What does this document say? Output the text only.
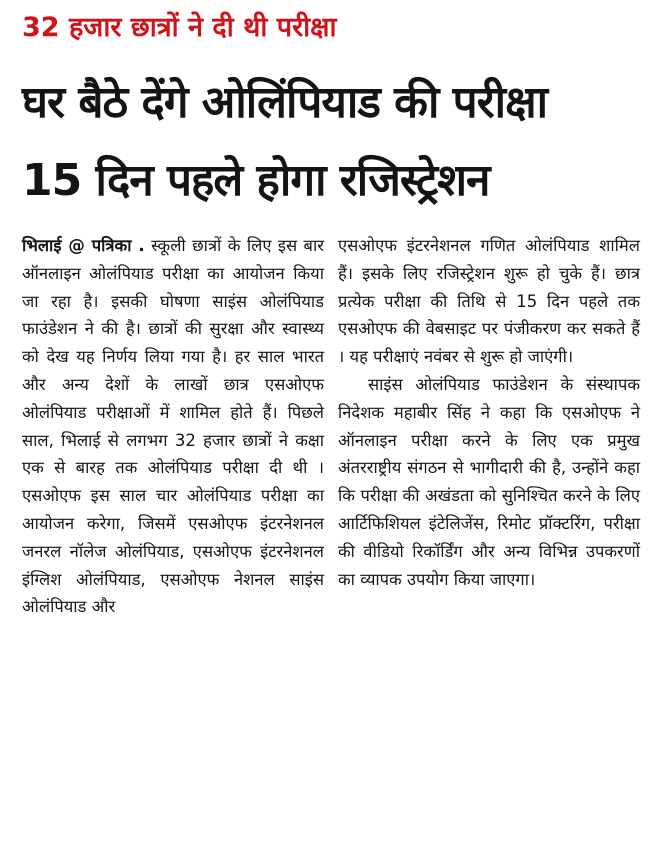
32 हजार छात्रों ने दी थी परीक्षा
घर बैठे देंगे ओलिंपियाड की परीक्षा
15 दिन पहले होगा रजिस्ट्रेशन

भिलाई @ पत्रिका . स्कूली छात्रों के लिए इस बार ऑनलाइन ओलंपियाड परीक्षा का आयोजन किया जा रहा है। इसकी घोषणा साइंस ओलंपियाड फाउंडेशन ने की है। छात्रों की सुरक्षा और स्वास्थ्य को देख यह निर्णय लिया गया है। हर साल भारत और अन्य देशों के लाखों छात्र एसओएफ ओलंपियाड परीक्षाओं में शामिल होते हैं। पिछले साल, भिलाई से लगभग 32 हजार छात्रों ने कक्षा एक से बारह तक ओलंपियाड परीक्षा दी थी ।एसओएफ इस साल चार ओलंपियाड परीक्षा का आयोजन करेगा, जिसमें एसओएफ इंटरनेशनल जनरल नॉलेज ओलंपियाड, एसओएफ इंटरनेशनल इंग्लिश ओलंपियाड, एसओएफ नेशनल साइंस ओलंपियाड और

एसओएफ इंटरनेशनल गणित ओलंपियाड शामिल हैं। इसके लिए रजिस्ट्रेशन शुरू हो चुके हैं। छात्र प्रत्येक परीक्षा की तिथि से 15 दिन पहले तक एसओएफ की वेबसाइट पर पंजीकरण कर सकते हैं । यह परीक्षाएं नवंबर से शुरू हो जाएंगी।

साइंस ओलंपियाड फाउंडेशन के संस्थापक निदेशक महाबीर सिंह ने कहा कि एसओएफ ने ऑनलाइन परीक्षा करने के लिए एक प्रमुख अंतरराष्ट्रीय संगठन से भागीदारी की है, उन्होंने कहा कि परीक्षा की अखंडता को सुनिश्चित करने के लिए आर्टिफिशियल इंटेलिजेंस, रिमोट प्रॉक्टरिंग, परीक्षा की वीडियो रिकॉर्डिंग और अन्य विभिन्न उपकरणों का व्यापक उपयोग किया जाएगा।
